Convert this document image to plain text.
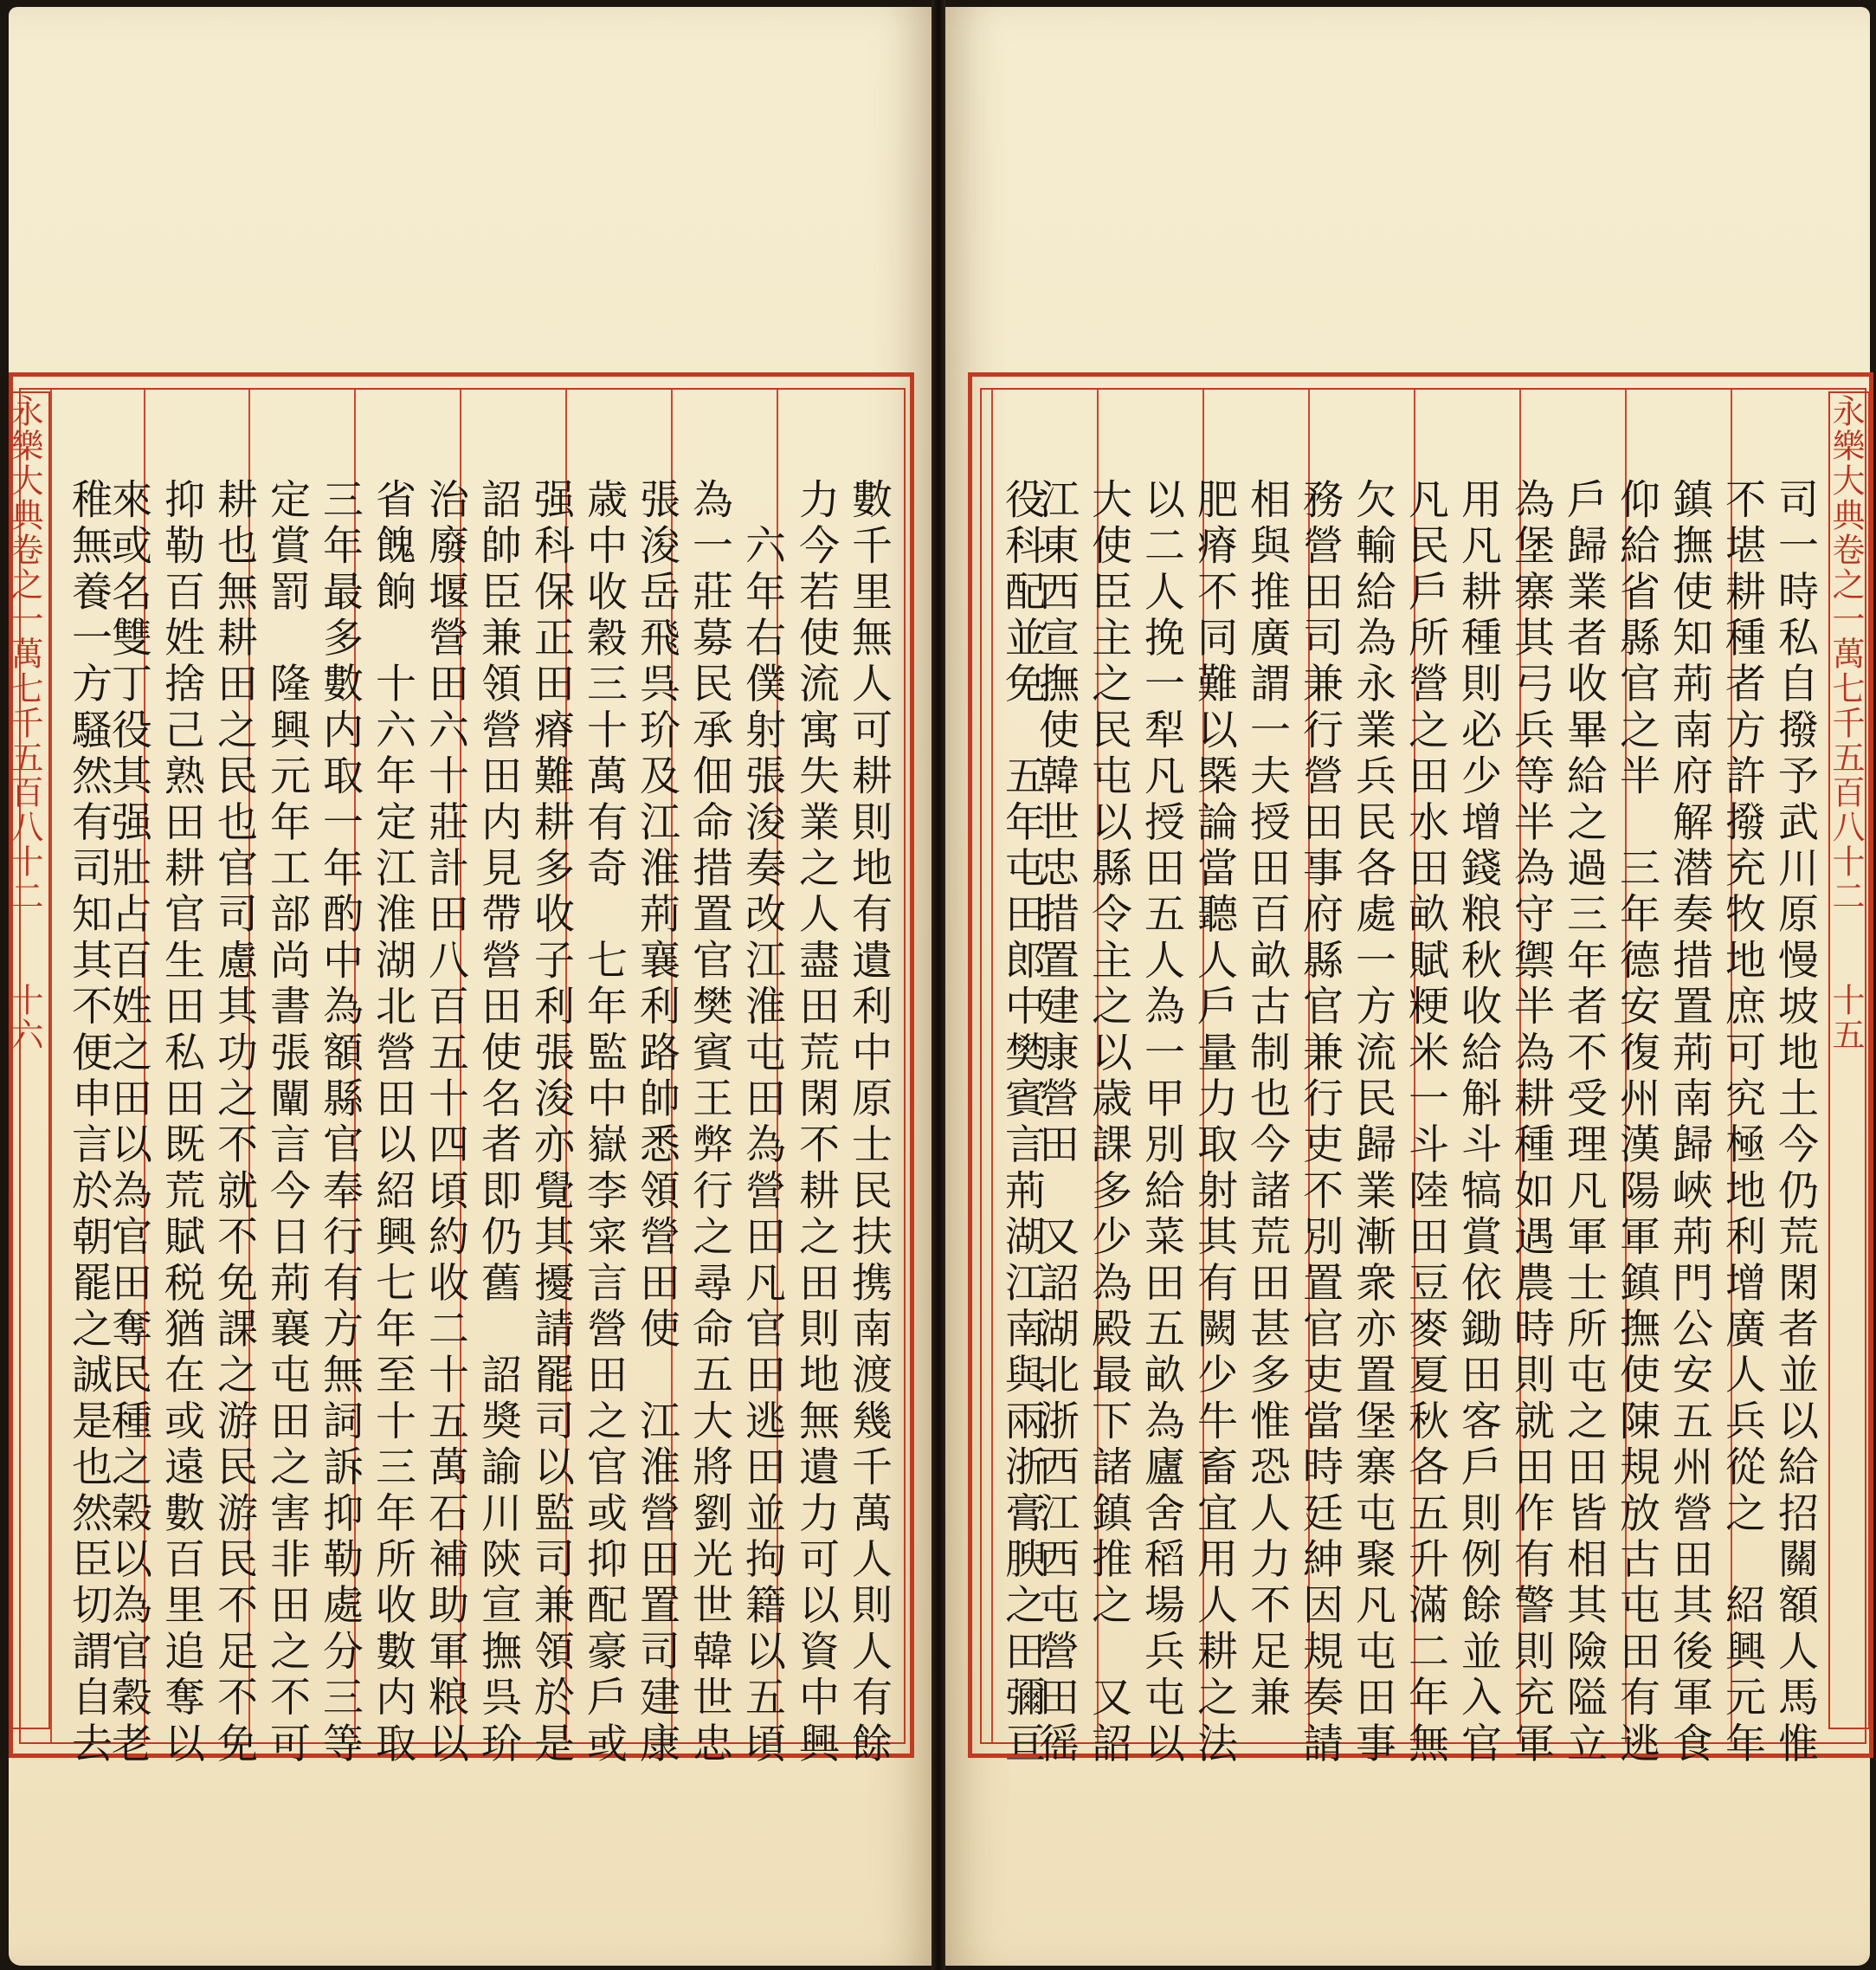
永樂大典卷之一萬七千五百八十二　　十六	永樂大典卷之一萬七千五百八十二　　十五
數千里無人可耕則地有遺利中原士民扶携南渡幾千萬人則人有餘
力今若使流寓失業之人盡田荒閑不耕之田則地無遺力可以資中興
　六年右僕射張浚奏改江淮屯田為營田凡官田逃田並拘籍以五頃
為一莊募民承佃命措置官樊賓王弊行之尋命五大將劉光世韓世忠
張浚岳飛呉玠及江淮荊襄利路帥悉領營田使　江淮營田置司建康
歳中收穀三十萬有奇　七年監中嶽李寀言營田之官或抑配豪戶或
强科保正田瘠難耕多收子利張浚亦覺其擾請罷司以監司兼領於是
詔帥臣兼領營田内見帶營田使名者即仍舊　詔奬諭川陝宣撫呉玠
治廢堰營田六十莊計田八百五十四頃約收二十五萬石補助軍粮以
省餽餉　十六年定江淮湖北營田以紹興七年至十三年所收數内取
三年最多數内取一年酌中為額縣官奉行有方無詞訴抑勒處分三等
定賞罰　隆興元年工部尚書張闡言今日荊襄屯田之害非田之不可
耕也無耕田之民也官司慮其功之不就不免課之游民游民不足不免
抑勒百姓捨己熟田耕官生田私田既荒賦税猶在或遠數百里追奪以
來或名雙丁役其强壯占百姓之田以為官田奪民種之榖以為官穀老
稚無養一方騷然有司知其不便申言於朝罷之誠是也然臣切謂自去	司一時私自撥予武川原慢坡地土今仍荒閑者並以給招關額人馬惟
不堪耕種者方許撥充牧地庶可究極地利增廣人兵從之　紹興元年
鎮撫使知荊南府解潜奏措置荊南歸峽荊門公安五州營田其後軍食
仰給省縣官之半　三年德安復州漢陽軍鎮撫使陳規放古屯田有逃
戶歸業者收畢給之過三年者不受理凡軍士所屯之田皆相其險隘立
為堡寨其弓兵等半為守禦半為耕種如遇農時則就田作有警則充軍
用凡耕種則必少增錢粮秋收給斛斗犒賞依鋤田客戶則例餘並入官
凡民戶所營之田水田畝賦粳米一斗陸田豆麥夏秋各五升滿二年無
欠輸給為永業兵民各處一方流民歸業漸衆亦置堡寨屯聚凡屯田事
務營田司兼行營田事府縣官兼行吏不別置官吏當時廷紳因規奏請
相與推廣謂一夫授田百畝古制也今諸荒田甚多惟恐人力不足兼
肥瘠不同難以槩論當聽人戶量力取射其有闕少牛畜宜用人耕之法
以二人挽一犁凡授田五人為一甲別給菜田五畝為廬舍稻場兵屯以
大使臣主之民屯以縣令主之以歳課多少為殿最下諸鎮推之　又詔
江東西宣撫使韓世忠措置建康營田　又詔湖北浙西江西屯營田徭
役科配並免　五年屯田郎中樊賓言荊湖江南與兩浙膏腴之田彌亘
